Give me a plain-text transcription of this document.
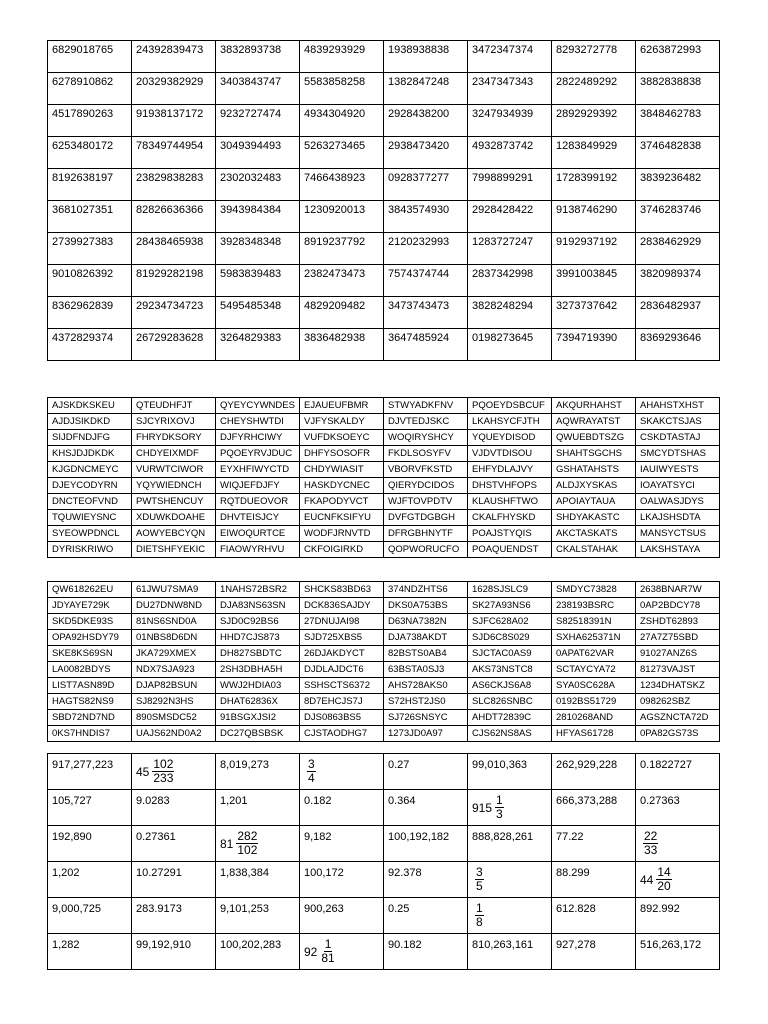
6829018765	24392839473	3832893738	4839293929	1938938838	3472347374	8293272778	6263872993
6278910862	20329382929	3403843747	5583858258	1382847248	2347347343	2822489292	3882838838
4517890263	91938137172	9232727474	4934304920	2928438200	3247934939	2892929392	3848462783
6253480172	78349744954	3049394493	5263273465	2938473420	4932873742	1283849929	3746482838
8192638197	23829838283	2302032483	7466438923	0928377277	7998899291	1728399192	3839236482
3681027351	82826636366	3943984384	1230920013	3843574930	2928428422	9138746290	3746283746
2739927383	28438465938	3928348348	8919237792	2120232993	1283727247	9192937192	2838462929
9010826392	81929282198	5983839483	2382473473	7574374744	2837342998	3991003845	3820989374
8362962839	29234734723	5495485348	4829209482	3473743473	3828248294	3273737642	2836482937
4372829374	26729283628	3264829383	3836482938	3647485924	0198273645	7394719390	8369293646
AJSKDKSKEU	QTEUDHFJT	QYEYCYWNDES	EJAUEUFBMR	STWYADKFNV	PQOEYDSBCUF	AKQURHAHST	AHAHSTXHST
AJDJSIKDKD	SJCYRIXOVJ	CHEYSHWTDI	VJFYSKALDY	DJVTEDJSKC	LKAHSYCFJTH	AQWRAYATST	SKAKCTSJAS
SIJDFNDJFG	FHRYDKSORY	DJFYRHCIWY	VUFDKSOEYC	WOQIRYSHCY	YQUEYDISOD	QWUEBDTSZG	CSKDTASTAJ
KHSJDJDKDK	CHDYEIXMDF	PQOEYRVJDUC	DHFYSOSOFR	FKDLSOSYFV	VJDVTDISOU	SHAHTSGCHS	SMCYDTSHAS
KJGDNCMEYC	VURWTCIWOR	EYXHFIWYCTD	CHDYWIASIT	VBORVFKSTD	EHFYDLAJVY	GSHATAHSTS	IAUIWYESTS
DJEYCODYRN	YQYWIEDNCH	WIQJEFDJFY	HASKDYCNEC	QIERYDCIDOS	DHSTVHFOPS	ALDJXYSKAS	IOAYATSYCI
DNCTEOFVND	PWTSHENCUY	RQTDUEOVOR	FKAPODYVCT	WJFTOVPDTV	KLAUSHFTWO	APOIAYTAUA	OALWASJDYS
TQUWIEYSNC	XDUWKDOAHE	DHVTEISJCY	EUCNFKSIFYU	DVFGTDGBGH	CKALFHYSKD	SHDYAKASTC	LKAJSHSDTA
SYEOWPDNCL	AOWYEBCYQN	EIWOQURTCE	WODFJRNVTD	DFRGBHNYTF	POAJSTYQIS	AKCTASKATS	MANSYCTSUS
DYRISKRIWO	DIETSHFYEKIC	FIAOWYRHVU	CKFOIGIRKD	QOPWORUCFO	POAQUENDST	CKALSTAHAK	LAKSHSTAYA
QW618262EU	61JWU7SMA9	1NAHS72BSR2	SHCKS83BD63	374NDZHTS6	1628SJSLC9	SMDYC73828	2638BNAR7W
JDYAYE729K	DU27DNW8ND	DJA83NS63SN	DCK836SAJDY	DKS0A753BS	SK27A93NS6	238193BSRC	0AP2BDCY78
SKD5DKE93S	81NS6SND0A	SJD0C92BS6	27DNUJAI98	D63NA7382N	SJFC628A02	S82518391N	ZSHDT62893
OPA92HSDY79	01NBS8D6DN	HHD7CJS873	SJD725XBS5	DJA738AKDT	SJD6C8S029	SXHA625371N	27A7Z75SBD
SKE8KS69SN	JKA729XMEX	DH827SBDTC	26DJAKDYCT	82BSTS0AB4	SJCTAC0AS9	0APAT62VAR	91027ANZ6S
LA0082BDYS	NDX7SJA923	2SH3DBHA5H	DJDLAJDCT6	63BSTA0SJ3	AKS73NSTC8	SCTAYCYA72	81273VAJST
LIST7ASN89D	DJAP82BSUN	WWJ2HDIA03	SSHSCTS6372	AHS728AKS0	AS6CKJS6A8	SYA0SC628A	1234DHATSKZ
HAGTS82NS9	SJ8292N3HS	DHAT62836X	8D7EHCJS7J	S72HST2JS0	SLC826SNBC	0192BS51729	098262SBZ
SBD72ND7ND	890SMSDC52	91BSGXJSI2	DJS0863BS5	SJ726SNSYC	AHDT72839C	2810268AND	AGSZNCTA72D
0KS7HNDIS7	UAJS62ND0A2	DC27QBSBSK	CJSTAODHG7	1273JD0A97	CJS62NS8AS	HFYAS61728	0PA82GS73S
917,277,223	$45 \frac{102}{233}$	8,019,273	$\frac{3}{4}$	0.27	99,010,363	262,929,228	0.1822727
105,727	9.0283	1,201	0.182	0.364	$915 \frac{1}{3}$	666,373,288	0.27363
192,890	0.27361	$81 \frac{282}{102}$	9,182	100,192,182	888,828,261	77.22	$\frac{22}{33}$

1,202	10.27291	1,838,384	100,172	92.378	$\frac{3}{5}$	88.299	$44 \frac{14}{20}$

9,000,725	283.9173	9,101,253	900,263	0.25	$\frac{1}{8}$	612.828	892.992
1,282	99,192,910	100,202,283	$92 \frac{1}{81}$	90.182	810,263,161	927,278	516,263,172
